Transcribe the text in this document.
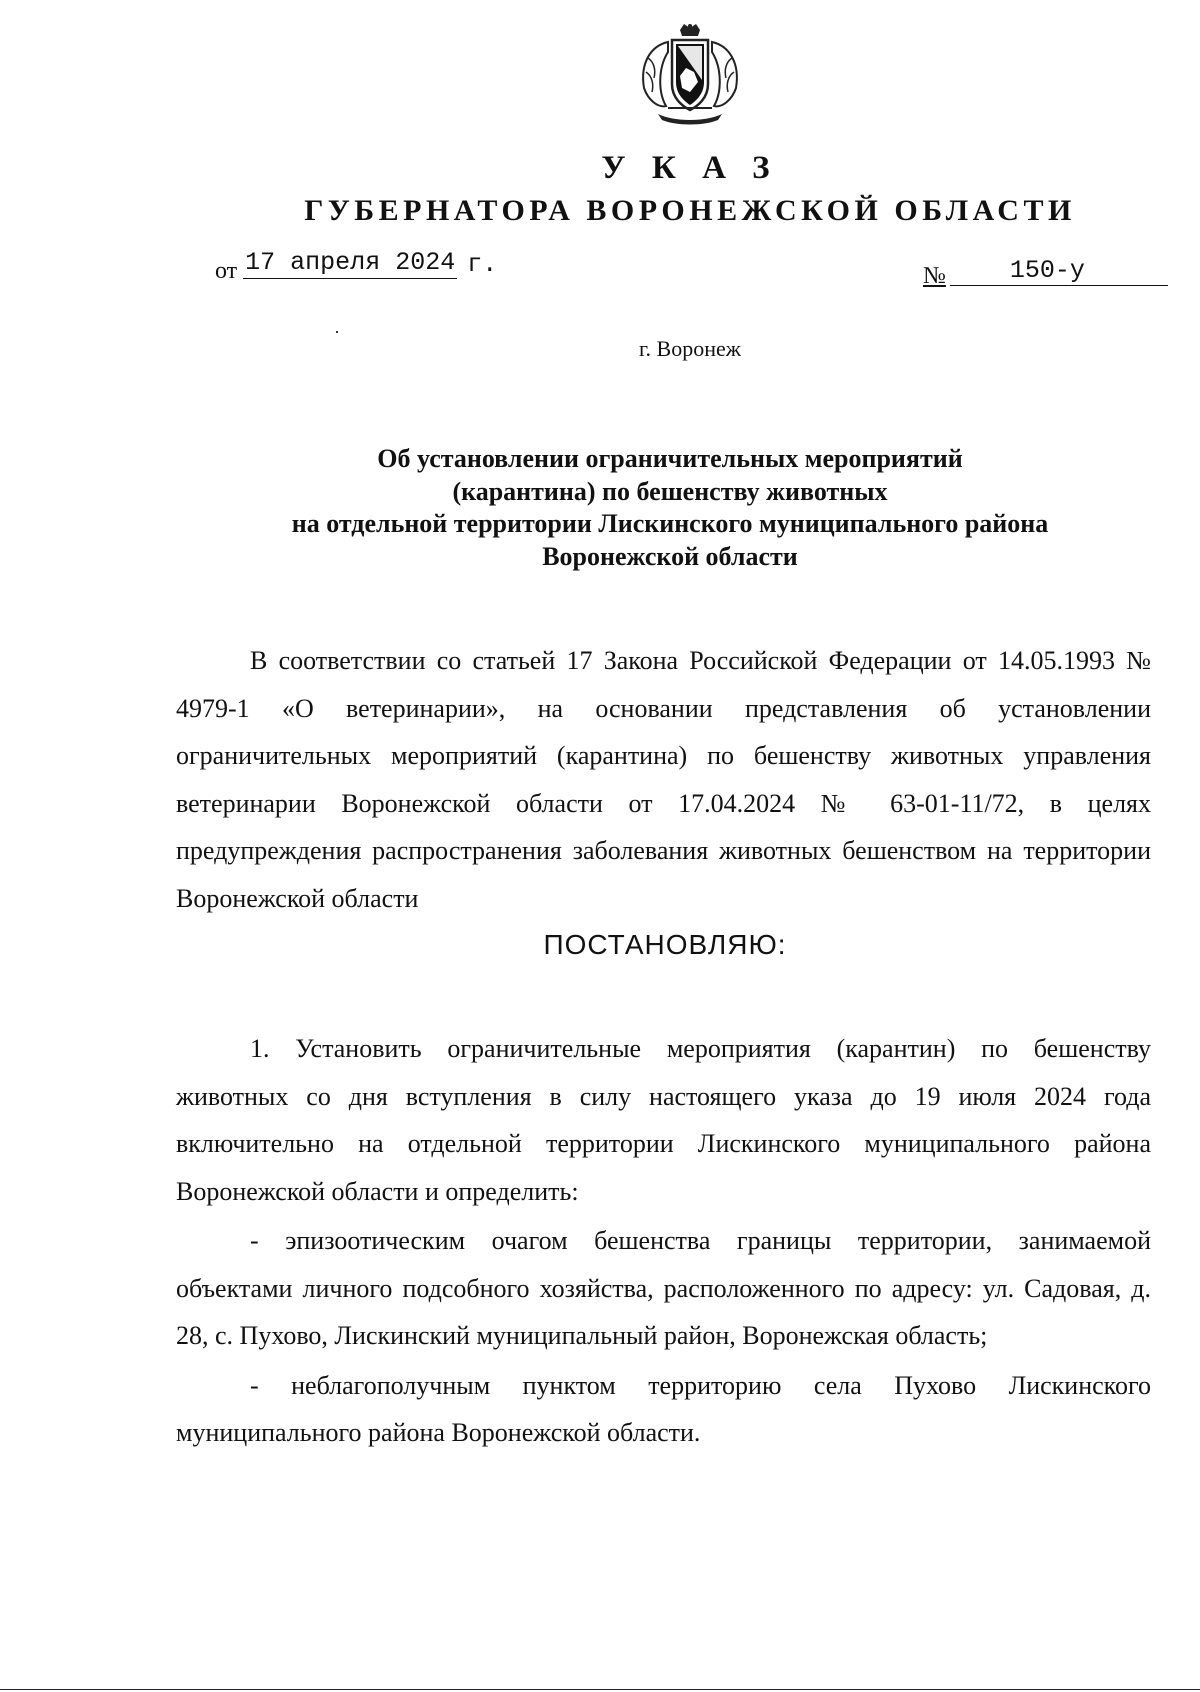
У К А З
ГУБЕРНАТОРА ВОРОНЕЖСКОЙ ОБЛАСТИ
от 17 апреля 2024 г.	№	150-у
г. Воронеж
Об установлении ограничительных мероприятий
(карантина) по бешенству животных
на отдельной территории Лискинского муниципального района
Воронежской области

В соответствии со статьей 17 Закона Российской Федерации от 14.05.1993 № 4979-1 «О ветеринарии», на основании представления об установлении ограничительных мероприятий (карантина) по бешенству животных управления ветеринарии Воронежской области от 17.04.2024 № 63-01-11/72, в целях предупреждения распространения заболевания животных бешенством на территории Воронежской области

ПОСТАНОВЛЯЮ:

1. Установить ограничительные мероприятия (карантин) по бешенству животных со дня вступления в силу настоящего указа до 19 июля 2024 года включительно на отдельной территории Лискинского муниципального района Воронежской области и определить:

- эпизоотическим очагом бешенства границы территории, занимаемой объектами личного подсобного хозяйства, расположенного по адресу: ул. Садовая, д. 28, с. Пухово, Лискинский муниципальный район, Воронежская область;

- неблагополучным пунктом территорию села Пухово Лискинского муниципального района Воронежской области.
